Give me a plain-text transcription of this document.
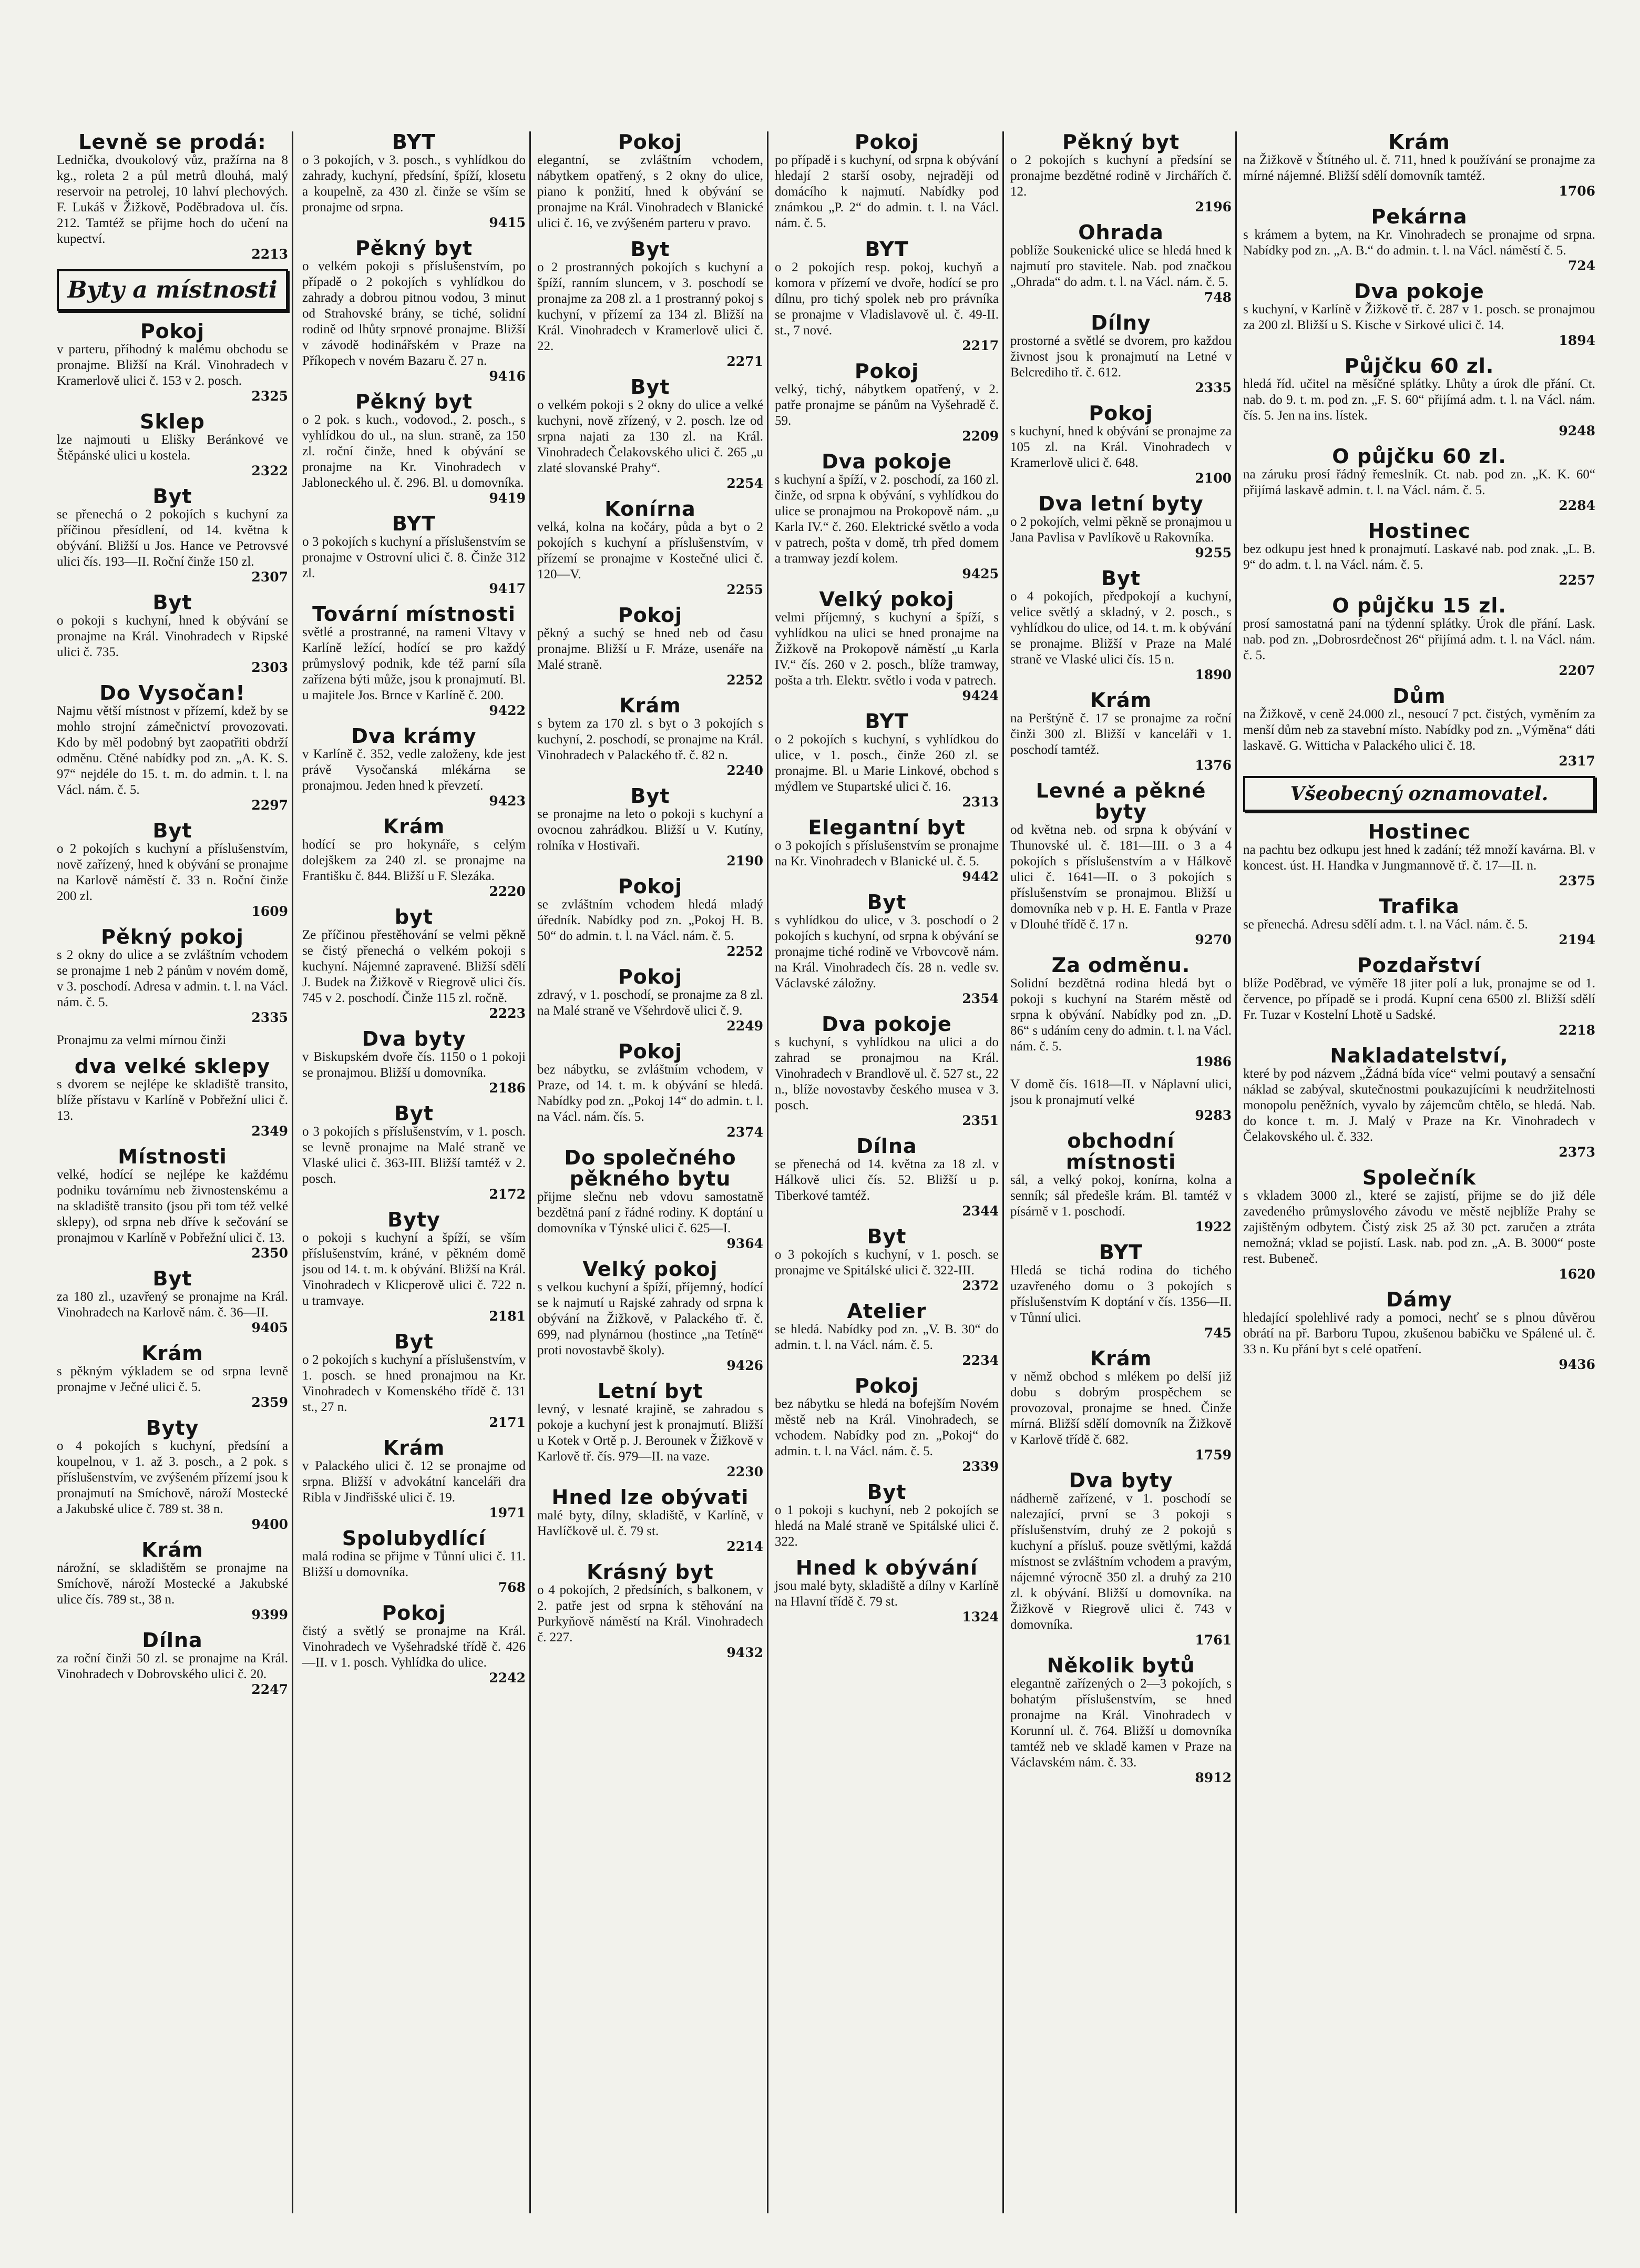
Levně se prodá:

Lednička, dvoukolový vůz, pražírna na 8 kg., roleta 2 a půl metrů dlouhá, malý reservoir na petrolej, 10 lahví plechových. F. Lukáš v Žižkově, Poděbradova ul. čís. 212. Tamtéž se přijme hoch do učení na kupectví.

2213
Byty a místnosti
Pokoj

v parteru, příhodný k malému obchodu se pronajme. Bližší na Král. Vinohradech v Kramerlově ulici č. 153 v 2. posch.

2325
Sklep

lze najmouti u Elišky Beránkové ve Štěpánské ulici u kostela.

2322
Byt

se přenechá o 2 pokojích s kuchyní za příčinou přesídlení, od 14. května k obývání. Bližší u Jos. Hance ve Petrovsvé ulici čís. 193—II. Roční činže 150 zl.

2307
Byt

o pokoji s kuchyní, hned k obývání se pronajme na Král. Vinohradech v Ripské ulici č. 735.

2303
Do Vysočan!

Najmu větší místnost v přízemí, kdež by se mohlo strojní zámečnictví provozovati. Kdo by měl podobný byt zaopatřiti obdrží odměnu. Ctěné nabídky pod zn. „A. K. S. 97“ nejdéle do 15. t. m. do admin. t. l. na Václ. nám. č. 5.

2297
Byt

o 2 pokojích s kuchyní a příslušenstvím, nově zařízený, hned k obývání se pronajme na Karlově náměstí č. 33 n. Roční činže 200 zl.

1609
Pěkný pokoj

s 2 okny do ulice a se zvláštním vchodem se pronajme 1 neb 2 pánům v novém domě, v 3. poschodí. Adresa v admin. t. l. na Václ. nám. č. 5.

2335

Pronajmu za velmi mírnou činži

dva velké sklepy

s dvorem se nejlépe ke skladiště transito, blíže přístavu v Karlíně v Pobřežní ulici č. 13.

2349
Místnosti

velké, hodící se nejlépe ke každému podniku továrnímu neb živnostenskému a na skladiště transito (jsou při tom též velké sklepy), od srpna neb dříve k sečování se pronajmou v Karlíně v Pobřežní ulici č. 13.

2350
Byt

za 180 zl., uzavřený se pronajme na Král. Vinohradech na Karlově nám. č. 36—II.

9405
Krám

s pěkným výkladem se od srpna levně pronajme v Ječné ulici č. 5.

2359
Byty

o 4 pokojích s kuchyní, předsíní a koupelnou, v 1. až 3. posch., a 2 pok. s příslušenstvím, ve zvýšeném přízemí jsou k pronajmutí na Smíchově, nároží Mostecké a Jakubské ulice č. 789 st. 38 n.

9400
Krám

nárožní, se skladištěm se pronajme na Smíchově, nároží Mostecké a Jakubské ulice čís. 789 st., 38 n.

9399
Dílna

za roční činži 50 zl. se pronajme na Král. Vinohradech v Dobrovského ulici č. 20.

2247
BYT

o 3 pokojích, v 3. posch., s vyhlídkou do zahrady, kuchyní, předsíní, špíží, klosetu a koupelně, za 430 zl. činže se vším se pronajme od srpna.

9415
Pěkný byt

o velkém pokoji s příslušenstvím, po případě o 2 pokojích s vyhlídkou do zahrady a dobrou pitnou vodou, 3 minut od Strahovské brány, se tiché, solidní rodině od lhůty srpnové pronajme. Bližší v závodě hodinářském v Praze na Příkopech v novém Bazaru č. 27 n.

9416
Pěkný byt

o 2 pok. s kuch., vodovod., 2. posch., s vyhlídkou do ul., na slun. straně, za 150 zl. roční činže, hned k obývání se pronajme na Kr. Vinohradech v Jabloneckého ul. č. 296. Bl. u domovníka.

9419
BYT

o 3 pokojích s kuchyní a příslušenstvím se pronajme v Ostrovní ulici č. 8. Činže 312 zl.

9417
Tovární místnosti

světlé a prostranné, na rameni Vltavy v Karlíně ležící, hodící se pro každý průmyslový podnik, kde též parní síla zařízena býti může, jsou k pronajmutí. Bl. u majitele Jos. Brnce v Karlíně č. 200.

9422
Dva krámy

v Karlíně č. 352, vedle založeny, kde jest právě Vysočanská mlékárna se pronajmou. Jeden hned k převzetí.

9423
Krám

hodící se pro hokynáře, s celým dolejškem za 240 zl. se pronajme na Františku č. 844. Bližší u F. Slezáka.

2220
byt

Ze příčinou přestěhování se velmi pěkně se čistý přenechá o velkém pokoji s kuchyní. Nájemné zapravené. Bližší sdělí J. Budek na Žižkově v Riegrově ulici čís. 745 v 2. poschodí. Činže 115 zl. ročně.

2223
Dva byty

v Biskupském dvoře čís. 1150 o 1 pokoji se pronajmou. Bližší u domovníka.

2186
Byt

o 3 pokojích s příslušenstvím, v 1. posch. se levně pronajme na Malé straně ve Vlaské ulici č. 363-III. Bližší tamtéž v 2. posch.

2172
Byty

o pokoji s kuchyní a špíží, se vším příslušenstvím, kráné, v pěkném domě jsou od 14. t. m. k obývání. Bližší na Král. Vinohradech v Klicperově ulici č. 722 n. u tramvaye.

2181
Byt

o 2 pokojích s kuchyní a příslušenstvím, v 1. posch. se hned pronajmou na Kr. Vinohradech v Komenského třídě č. 131 st., 27 n.

2171
Krám

v Palackého ulici č. 12 se pronajme od srpna. Bližší v advokátní kanceláři dra Ribla v Jindřišské ulici č. 19.

1971
Spolubydlící

malá rodina se přijme v Tůnní ulici č. 11. Bližší u domovníka.

768
Pokoj

čistý a světlý se pronajme na Král. Vinohradech ve Vyšehradské třídě č. 426—II. v 1. posch. Vyhlídka do ulice.

2242
Pokoj

elegantní, se zvláštním vchodem, nábytkem opatřený, s 2 okny do ulice, piano k ponžití, hned k obývání se pronajme na Král. Vinohradech v Blanické ulici č. 16, ve zvýšeném parteru v pravo.

Byt

o 2 prostranných pokojích s kuchyní a špíží, ranním sluncem, v 3. poschodí se pronajme za 208 zl. a 1 prostranný pokoj s kuchyní, v přízemí za 134 zl. Bližší na Král. Vinohradech v Kramerlově ulici č. 22.

2271
Byt

o velkém pokoji s 2 okny do ulice a velké kuchyni, nově zřízený, v 2. posch. lze od srpna najati za 130 zl. na Král. Vinohradech Čelakovského ulici č. 265 „u zlaté slovanské Prahy“.

2254
Konírna

velká, kolna na kočáry, půda a byt o 2 pokojích s kuchyní a příslušenstvím, v přízemí se pronajme v Kostečné ulici č. 120—V.

2255
Pokoj

pěkný a suchý se hned neb od času pronajme. Bližší u F. Mráze, usenáře na Malé straně.

2252
Krám

s bytem za 170 zl. s byt o 3 pokojích s kuchyní, 2. poschodí, se pronajme na Král. Vinohradech v Palackého tř. č. 82 n.

2240
Byt

se pronajme na leto o pokoji s kuchyní a ovocnou zahrádkou. Bližší u V. Kutíny, rolníka v Hostivaři.

2190
Pokoj

se zvláštním vchodem hledá mladý úředník. Nabídky pod zn. „Pokoj H. B. 50“ do admin. t. l. na Václ. nám. č. 5.

2252
Pokoj

zdravý, v 1. poschodí, se pronajme za 8 zl. na Malé straně ve Všehrdově ulici č. 9.

2249
Pokoj

bez nábytku, se zvláštním vchodem, v Praze, od 14. t. m. k obývání se hledá. Nabídky pod zn. „Pokoj 14“ do admin. t. l. na Václ. nám. čís. 5.

2374
Do společného pěkného bytu

přijme slečnu neb vdovu samostatně bezdětná paní z řádné rodiny. K doptání u domovníka v Týnské ulici č. 625—I.

9364
Velký pokoj

s velkou kuchyní a špíží, příjemný, hodící se k najmutí u Rajské zahrady od srpna k obývání na Žižkově, v Palackého tř. č. 699, nad plynárnou (hostince „na Tetíně“ proti novostavbě školy).

9426
Letní byt

levný, v lesnaté krajině, se zahradou s pokoje a kuchyní jest k pronajmutí. Bližší u Kotek v Ortě p. J. Berounek v Žižkově v Karlově tř. čís. 979—II. na vaze.

2230
Hned lze obývati

malé byty, dílny, skladiště, v Karlíně, v Havlíčkově ul. č. 79 st.

2214
Krásný byt

o 4 pokojích, 2 předsíních, s balkonem, v 2. patře jest od srpna k stěhování na Purkyňově náměstí na Král. Vinohradech č. 227.

9432
Pokoj

po případě i s kuchyní, od srpna k obývání hledají 2 starší osoby, nejraději od domácího k najmutí. Nabídky pod známkou „P. 2“ do admin. t. l. na Václ. nám. č. 5.

BYT

o 2 pokojích resp. pokoj, kuchyň a komora v přízemí ve dvoře, hodící se pro dílnu, pro tichý spolek neb pro právníka se pronajme v Vladislavově ul. č. 49-II. st., 7 nové.

2217
Pokoj

velký, tichý, nábytkem opatřený, v 2. patře pronajme se pánům na Vyšehradě č. 59.

2209
Dva pokoje

s kuchyní a špíží, v 2. poschodí, za 160 zl. činže, od srpna k obývání, s vyhlídkou do ulice se pronajmou na Prokopově nám. „u Karla IV.“ č. 260. Elektrické světlo a voda v patrech, pošta v domě, trh před domem a tramway jezdí kolem.

9425
Velký pokoj

velmi příjemný, s kuchyní a špíží, s vyhlídkou na ulici se hned pronajme na Žižkově na Prokopově náměstí „u Karla IV.“ čís. 260 v 2. posch., blíže tramway, pošta a trh. Elektr. světlo i voda v patrech.

9424
BYT

o 2 pokojích s kuchyní, s vyhlídkou do ulice, v 1. posch., činže 260 zl. se pronajme. Bl. u Marie Linkové, obchod s mýdlem ve Stupartské ulici č. 16.

2313
Elegantní byt

o 3 pokojích s příslušenstvím se pronajme na Kr. Vinohradech v Blanické ul. č. 5.

9442
Byt

s vyhlídkou do ulice, v 3. poschodí o 2 pokojích s kuchyní, od srpna k obývání se pronajme tiché rodině ve Vrbovcově nám. na Král. Vinohradech čís. 28 n. vedle sv. Václavské záložny.

2354
Dva pokoje

s kuchyní, s vyhlídkou na ulici a do zahrad se pronajmou na Král. Vinohradech v Brandlově ul. č. 527 st., 22 n., blíže novostavby českého musea v 3. posch.

2351
Dílna

se přenechá od 14. května za 18 zl. v Hálkově ulici čís. 52. Bližší u p. Tiberkové tamtéž.

2344
Byt

o 3 pokojích s kuchyní, v 1. posch. se pronajme ve Spitálské ulici č. 322-III.

2372
Atelier

se hledá. Nabídky pod zn. „V. B. 30“ do admin. t. l. na Václ. nám. č. 5.

2234
Pokoj

bez nábytku se hledá na bofejším Novém městě neb na Král. Vinohradech, se vchodem. Nabídky pod zn. „Pokoj“ do admin. t. l. na Václ. nám. č. 5.

2339
Byt

o 1 pokoji s kuchyní, neb 2 pokojích se hledá na Malé straně ve Spitálské ulici č. 322.

Hned k obývání

jsou malé byty, skladiště a dílny v Karlíně na Hlavní třídě č. 79 st.

1324
Pěkný byt

o 2 pokojích s kuchyní a předsíní se pronajme bezdětné rodině v Jirchářích č. 12.

2196
Ohrada

poblíže Soukenické ulice se hledá hned k najmutí pro stavitele. Nab. pod značkou „Ohrada“ do adm. t. l. na Václ. nám. č. 5.

748
Dílny

prostorné a světlé se dvorem, pro každou živnost jsou k pronajmutí na Letné v Belcrediho tř. č. 612.

2335
Pokoj

s kuchyní, hned k obývání se pronajme za 105 zl. na Král. Vinohradech v Kramerlově ulici č. 648.

2100
Dva letní byty

o 2 pokojích, velmi pěkně se pronajmou u Jana Pavlisa v Pavlíkově u Rakovníka.

9255
Byt

o 4 pokojích, předpokojí a kuchyní, velice světlý a skladný, v 2. posch., s vyhlídkou do ulice, od 14. t. m. k obývání se pronajme. Bližší v Praze na Malé straně ve Vlaské ulici čís. 15 n.

1890
Krám

na Perštýně č. 17 se pronajme za roční činži 300 zl. Bližší v kanceláři v 1. poschodí tamtéž.

1376
Levné a pěkné byty

od května neb. od srpna k obývání v Thunovské ul. č. 181—III. o 3 a 4 pokojích s příslušenstvím a v Hálkově ulici č. 1641—II. o 3 pokojích s příslušenstvím se pronajmou. Bližší u domovníka neb v p. H. E. Fantla v Praze v Dlouhé třídě č. 17 n.

9270
Za odměnu.

Solidní bezdětná rodina hledá byt o pokoji s kuchyní na Starém městě od srpna k obývání. Nabídky pod zn. „D. 86“ s udáním ceny do admin. t. l. na Václ. nám. č. 5.

1986

V domě čís. 1618—II. v Náplavní ulici, jsou k pronajmutí velké

9283
obchodní místnosti

sál, a velký pokoj, konírna, kolna a senník; sál předešle krám. Bl. tamtéž v písárně v 1. poschodí.

1922
BYT

Hledá se tichá rodina do tichého uzavřeného domu o 3 pokojích s příslušenstvím K doptání v čís. 1356—II. v Tůnní ulici.

745
Krám

v němž obchod s mlékem po delší již dobu s dobrým prospěchem se provozoval, pronajme se hned. Činže mírná. Bližší sdělí domovník na Žižkově v Karlově třídě č. 682.

1759
Dva byty

nádherně zařízené, v 1. poschodí se nalezající, první se 3 pokoji s příslušenstvím, druhý ze 2 pokojů s kuchyní a přísluš. pouze světlými, každá místnost se zvláštním vchodem a pravým, nájemné výrocně 350 zl. a druhý za 210 zl. k obývání. Bližší u domovníka. na Žižkově v Riegrově ulici č. 743 v domovníka.

1761
Několik bytů

elegantně zařízených o 2—3 pokojích, s bohatým příslušenstvím, se hned pronajme na Král. Vinohradech v Korunní ul. č. 764. Bližší u domovníka tamtéž neb ve skladě kamen v Praze na Václavském nám. č. 33.

8912
Krám

na Žižkově v Štítného ul. č. 711, hned k používání se pronajme za mírné nájemné. Bližší sdělí domovník tamtéž.

1706
Pekárna

s krámem a bytem, na Kr. Vinohradech se pronajme od srpna. Nabídky pod zn. „A. B.“ do admin. t. l. na Václ. náměstí č. 5.

724
Dva pokoje

s kuchyní, v Karlíně v Žižkově tř. č. 287 v 1. posch. se pronajmou za 200 zl. Bližší u S. Kische v Sirkové ulici č. 14.

1894
Půjčku 60 zl.

hledá říd. učitel na měsíčné splátky. Lhůty a úrok dle přání. Ct. nab. do 9. t. m. pod zn. „F. S. 60“ přijímá adm. t. l. na Václ. nám. čís. 5. Jen na ins. lístek.

9248
O půjčku 60 zl.

na záruku prosí řádný řemeslník. Ct. nab. pod zn. „K. K. 60“ přijímá laskavě admin. t. l. na Václ. nám. č. 5.

2284
Hostinec

bez odkupu jest hned k pronajmutí. Laskavé nab. pod znak. „L. B. 9“ do adm. t. l. na Václ. nám. č. 5.

2257
O půjčku 15 zl.

prosí samostatná paní na týdenní splátky. Úrok dle přání. Lask. nab. pod zn. „Dobrosrdečnost 26“ přijímá adm. t. l. na Václ. nám. č. 5.

2207
Dům

na Žižkově, v ceně 24.000 zl., nesoucí 7 pct. čistých, vyměním za menší dům neb za stavební místo. Nabídky pod zn. „Výměna“ dáti laskavě. G. Witticha v Palackého ulici č. 18.

2317
Všeobecný oznamovatel.
Hostinec

na pachtu bez odkupu jest hned k zadání; též množí kavárna. Bl. v koncest. úst. H. Handka v Jungmannově tř. č. 17—II. n.

2375
Trafika

se přenechá. Adresu sdělí adm. t. l. na Václ. nám. č. 5.

2194
Pozdařství

blíže Poděbrad, ve výměře 18 jiter polí a luk, pronajme se od 1. července, po případě se i prodá. Kupní cena 6500 zl. Bližší sdělí Fr. Tuzar v Kostelní Lhotě u Sadské.

2218
Nakladatelství,

které by pod názvem „Žádná bída více“ velmi poutavý a sensační náklad se zabýval, skutečnostmi poukazujícími k neudržitelnosti monopolu peněžních, vyvalo by zájemcům chtělo, se hledá. Nab. do konce t. m. J. Malý v Praze na Kr. Vinohradech v Čelakovského ul. č. 332.

2373
Společník

s vkladem 3000 zl., které se zajistí, přijme se do již déle zavedeného průmyslového závodu ve městě nejblíže Prahy se zajištěným odbytem. Čistý zisk 25 až 30 pct. zaručen a ztráta nemožná; vklad se pojistí. Lask. nab. pod zn. „A. B. 3000“ poste rest. Bubeneč.

1620
Dámy

hledající spolehlivé rady a pomoci, nechť se s plnou důvěrou obrátí na př. Barboru Tupou, zkušenou babičku ve Spálené ul. č. 33 n. Ku přání byt s celé opatření.

9436
